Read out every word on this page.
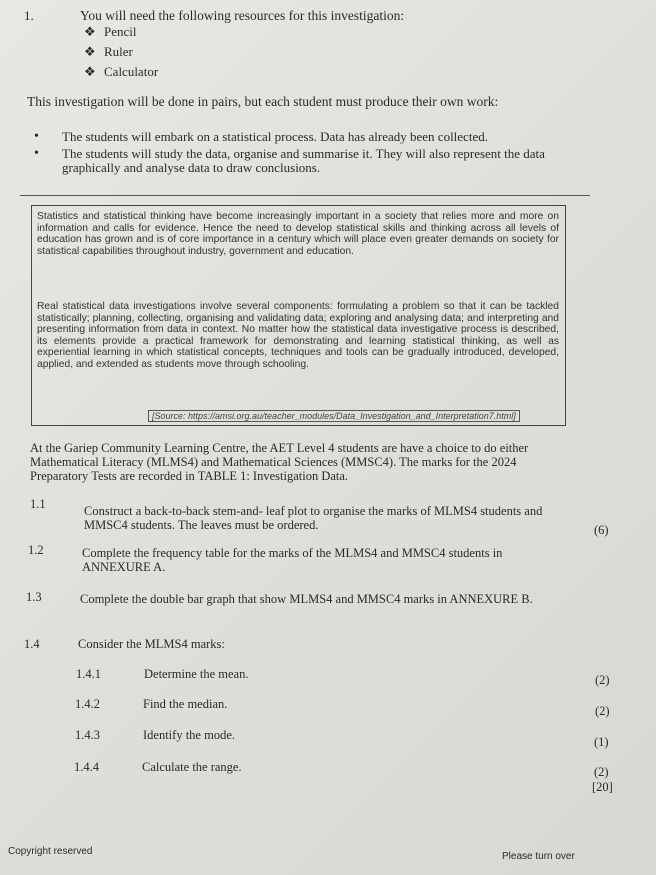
1.	You will need the following resources for this investigation:
❖ Pencil
❖ Ruler
❖ Calculator
This investigation will be done in pairs, but each student must produce their own work:
• The students will embark on a statistical process. Data has already been collected.
• The students will study the data, organise and summarise it. They will also represent the data graphically and analyse data to draw conclusions.
Statistics and statistical thinking have become increasingly important in a society that relies more and more on information and calls for evidence. Hence the need to develop statistical skills and thinking across all levels of education has grown and is of core importance in a century which will place even greater demands on society for statistical capabilities throughout industry, government and education.
Real statistical data investigations involve several components: formulating a problem so that it can be tackled statistically; planning, collecting, organising and validating data; exploring and analysing data; and interpreting and presenting information from data in context. No matter how the statistical data investigative process is described, its elements provide a practical framework for demonstrating and learning statistical thinking, as well as experiential learning in which statistical concepts, techniques and tools can be gradually introduced, developed, applied, and extended as students move through schooling.
[Source: https://amsi.org.au/teacher_modules/Data_Investigation_and_Interpretation7.html]
At the Gariep Community Learning Centre, the AET Level 4 students are have a choice to do either Mathematical Literacy (MLMS4) and Mathematical Sciences (MMSC4). The marks for the 2024 Preparatory Tests are recorded in TABLE 1: Investigation Data.
1.1	Construct a back-to-back stem-and- leaf plot to organise the marks of MLMS4 students and MMSC4 students. The leaves must be ordered.	(6)
1.2	Complete the frequency table for the marks of the MLMS4 and MMSC4 students in ANNEXURE A.
1.3	Complete the double bar graph that show MLMS4 and MMSC4 marks in ANNEXURE B.
1.4	Consider the MLMS4 marks:
1.4.1	Determine the mean.	(2)
1.4.2	Find the median.	(2)
1.4.3	Identify the mode.	(1)
1.4.4	Calculate the range.	(2)
[20]
Copyright reserved	Please turn over
